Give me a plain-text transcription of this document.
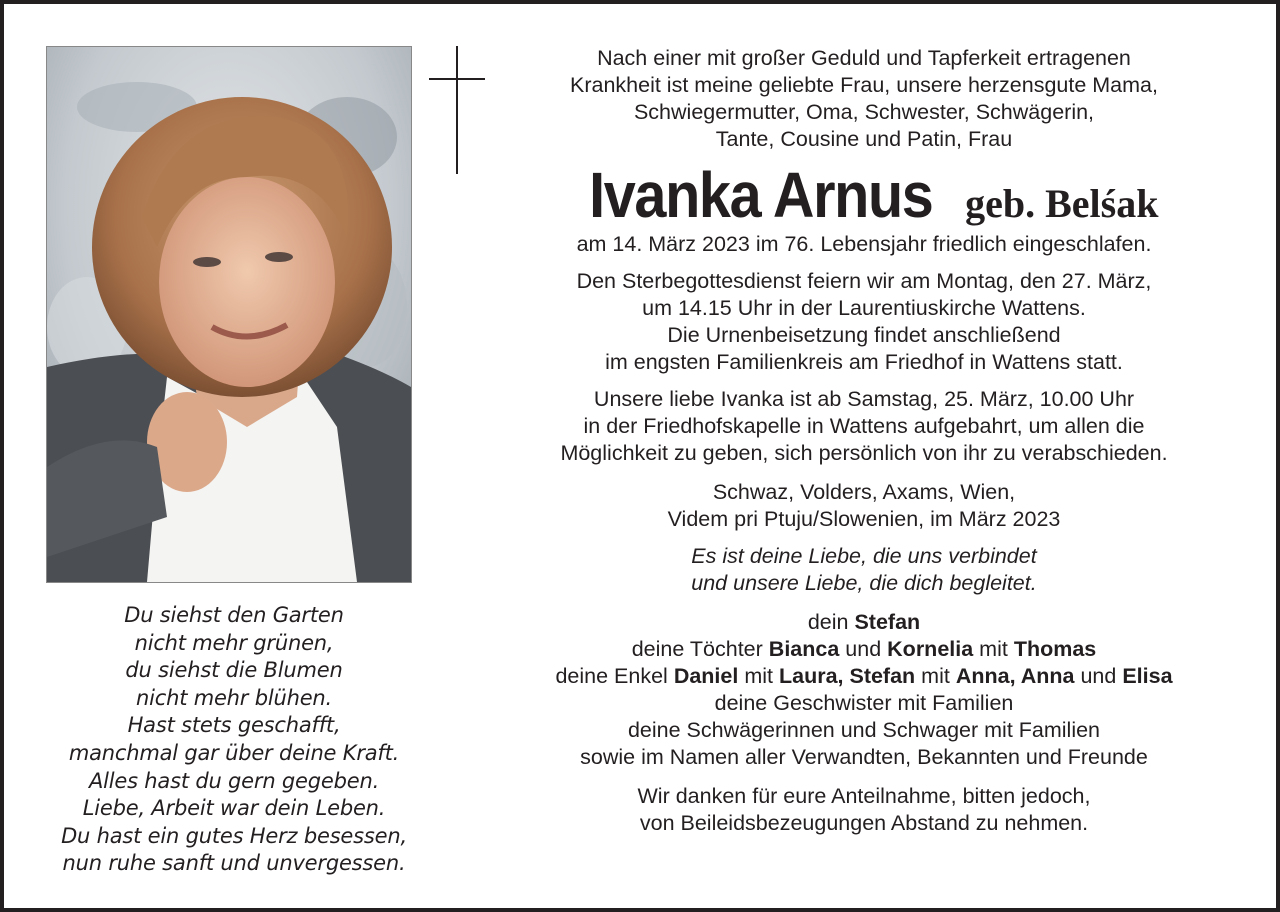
Du siehst den Garten
nicht mehr grünen,
du siehst die Blumen
nicht mehr blühen.
Hast stets geschafft,
manchmal gar über deine Kraft.
Alles hast du gern gegeben.
Liebe, Arbeit war dein Leben.
Du hast ein gutes Herz besessen,
nun ruhe sanft und unvergessen.
Nach einer mit großer Geduld und Tapferkeit ertragenen
Krankheit ist meine geliebte Frau, unsere herzensgute Mama,
Schwiegermutter, Oma, Schwester, Schwägerin,
Tante, Cousine und Patin, Frau
Ivanka Arnus geb. Belśak
am 14. März 2023 im 76. Lebensjahr friedlich eingeschlafen.
Den Sterbegottesdienst feiern wir am Montag, den 27. März,
um 14.15 Uhr in der Laurentiuskirche Wattens.
Die Urnenbeisetzung findet anschließend
im engsten Familienkreis am Friedhof in Wattens statt.
Unsere liebe Ivanka ist ab Samstag, 25. März, 10.00 Uhr
in der Friedhofskapelle in Wattens aufgebahrt, um allen die
Möglichkeit zu geben, sich persönlich von ihr zu verabschieden.
Schwaz, Volders, Axams, Wien,
Videm pri Ptuju/Slowenien, im März 2023
Es ist deine Liebe, die uns verbindet
und unsere Liebe, die dich begleitet.
dein Stefan
deine Töchter Bianca und Kornelia mit Thomas
deine Enkel Daniel mit Laura, Stefan mit Anna, Anna und Elisa
deine Geschwister mit Familien
deine Schwägerinnen und Schwager mit Familien
sowie im Namen aller Verwandten, Bekannten und Freunde
Wir danken für eure Anteilnahme, bitten jedoch,
von Beileidsbezeugungen Abstand zu nehmen.
